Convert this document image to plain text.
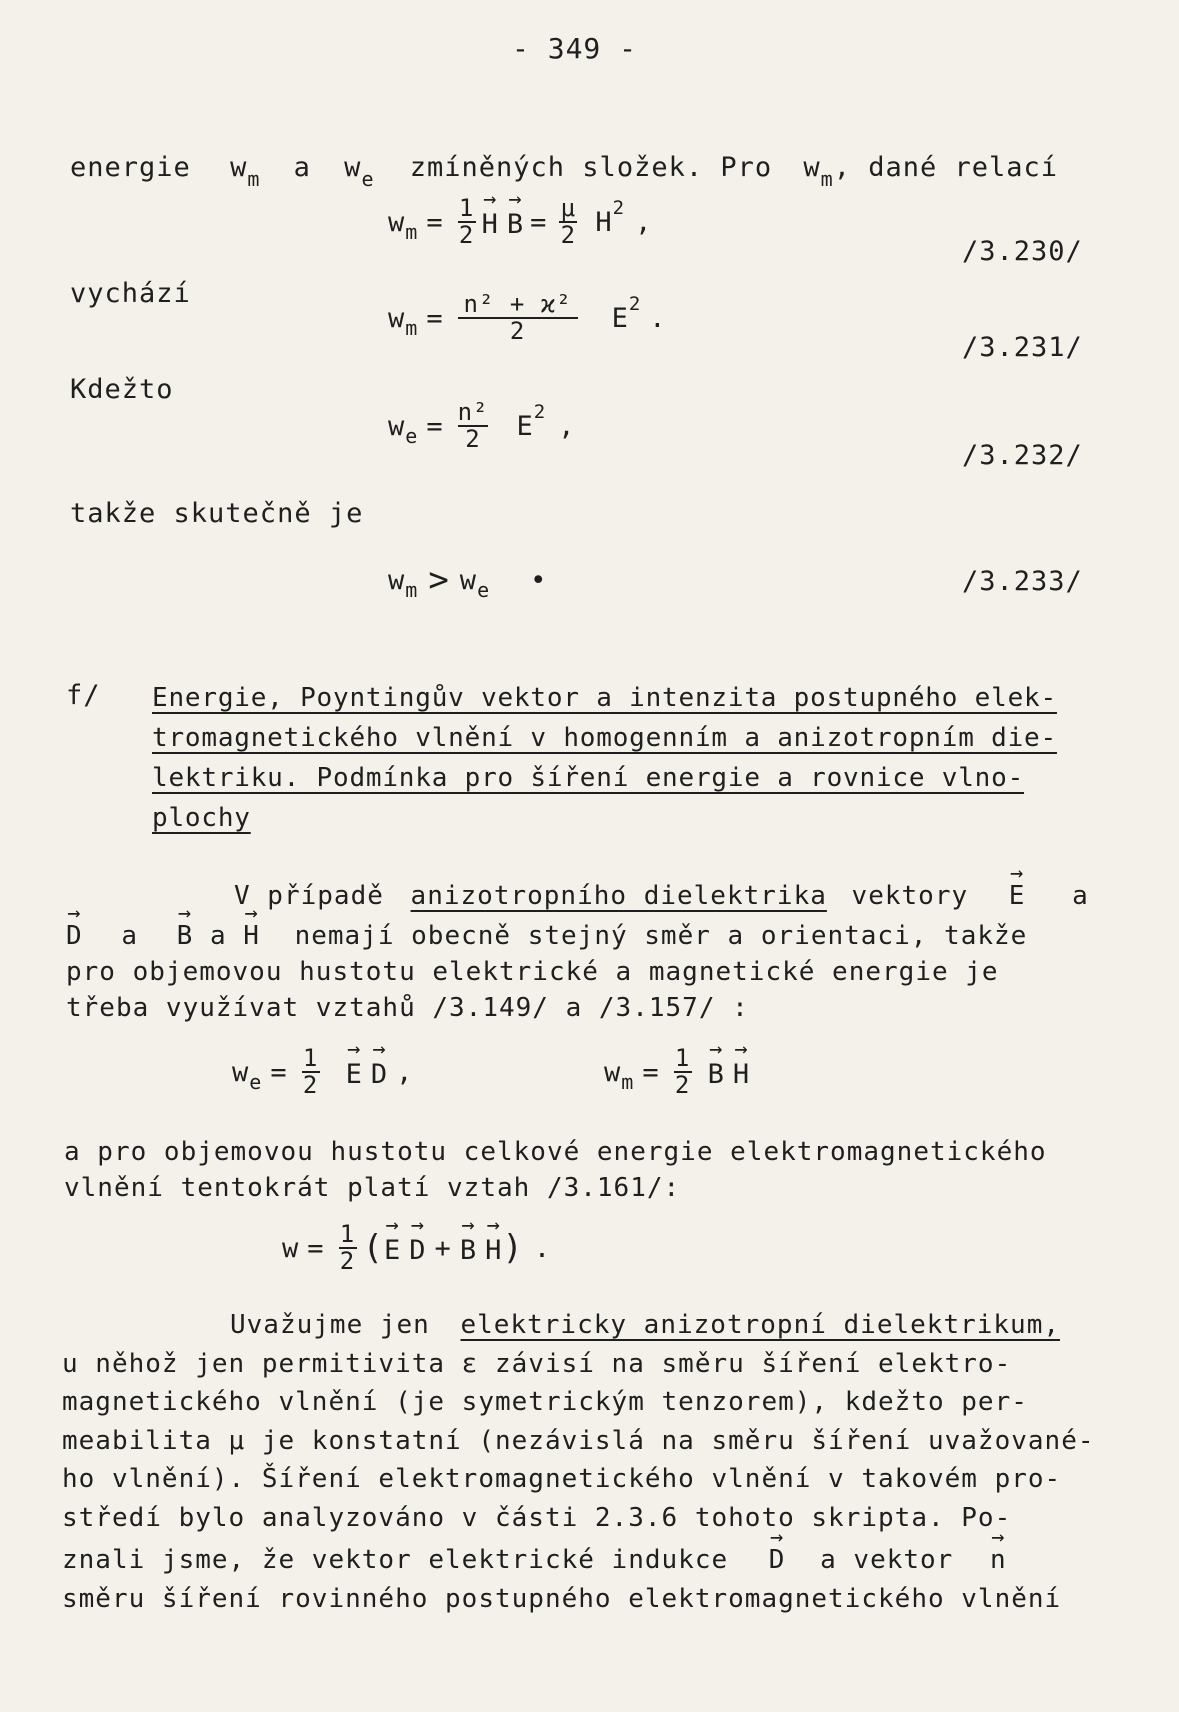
- 349 -
energie $w_m$ a $w_e$ zmíněných složek. Pro $w_m$, dané relací
w $m = \frac{1}{2} \to H \to B = \frac{\mu}{2}$ H 2 ,
/3.230/
vychází
w $m = \frac{\text{n² + ϰ²}}{2}$ E 2 .
/3.231/
Kdežto
w $e = \frac{\text{n²}}{2}$ E 2 ,
/3.232/
takže skutečně je
w m > w e •	/3.233/
f/ Energie, Poyntingův vektor a intenzita postupného elek-
tromagnetického vlnění v homogenním a anizotropním die-
lektriku. Podmínka pro šíření energie a rovnice vlno-
plochy
V případě anizotropního dielektrika vektory → E a
→ D a → B a → H nemají obecně stejný směr a orientaci, takže
pro objemovou hustotu elektrické a magnetické energie je
třeba využívat vztahů /3.149/ a /3.157/ :
w $e = \frac{1}{2} \to E \to D$ ,	w $m = \frac{1}{2} \to B \to H$
a pro objemovou hustotu celkové energie elektromagnetického
vlnění tentokrát platí vztah /3.161/:
$w = \frac{1}{2}$ ( → E → D + → B → H ) .
Uvažujme jen elektricky anizotropní dielektrikum,
u něhož jen permitivita ε závisí na směru šíření elektro-
magnetického vlnění (je symetrickým tenzorem), kdežto per-
meabilita μ je konstatní (nezávislá na směru šíření uvažované-
ho vlnění). Šíření elektromagnetického vlnění v takovém pro-
středí bylo analyzováno v části 2.3.6 tohoto skripta. Po-
znali jsme, že vektor elektrické indukce → D a vektor → n
směru šíření rovinného postupného elektromagnetického vlnění
